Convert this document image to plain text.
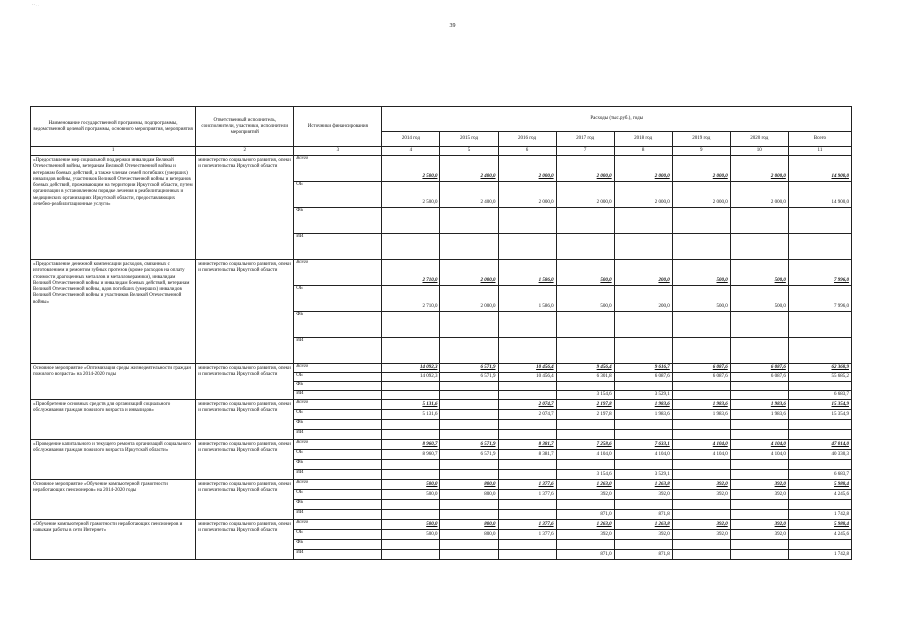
' ' · ·
39
Наименование государственной программы, подпрограммы, ведомственной целевой программы, основного мероприятия, мероприятия	Ответственный исполнитель, соисполнители, участники, исполнители мероприятий	Источники финансирования	Расходы (тыс.руб.), годы							
			2014 год	2015 год	2016 год	2017 год	2018 год	2019 год	2020 год	Всего
1	2	3	4	5	6	7	8	9	10	11
«Предоставление мер социальной поддержки инвалидам Великой Отечественной войны, ветеранам Великой Отечественной войны и ветеранам боевых действий, а также членам семей погибших (умерших) инвалидов войны, участников Великой Отечественной войны и ветеранов боевых действий, проживающим на территории Иркутской области, путем организации в установленном порядке лечения в реабилитационных и медицинских организациях Иркутской области, предоставляющих лечебно-реабилитационные услуги»	министерство социального развития, опеки и попечительства Иркутской области	Всего	2 500,0	2 400,0	2 000,0	2 000,0	2 000,0	2 000,0	2 000,0	14 900,0
		ОБ	2 500,0	2 400,0	2 000,0	2 000,0	2 000,0	2 000,0	2 000,0	14 900,0
		ФБ								
		ИИ								
«Предоставление денежной компенсации расходов, связанных с изготовлением и ремонтом зубных протезов (кроме расходов на оплату стоимости драгоценных металлов и металлокерамики), инвалидам Великой Отечественной войны и инвалидам боевых действий, ветеранам Великой Отечественной войны, вдов погибших (умерших) инвалидов Великой Отечественной войны и участников Великой Отечественной войны»	министерство социального развития, опеки и попечительства Иркутской области	Всего	2 710,0	2 000,0	1 586,0	500,0	200,0	500,0	500,0	7 996,0
		ОБ	2 710,0	2 000,0	1 586,0	500,0	200,0	500,0	500,0	7 996,0
		ФБ								
		ИИ								
Основное мероприятие «Оптимизация среды жизнедеятельности граждан пожилого возраста» на 2014-2020 годы	министерство социального развития, опеки и попечительства Иркутской области	Всего	14 092,3	6 571,9	10 456,4	9 456,4	9 616,7	6 087,6	6 087,6	62 368,9
		ОБ	14 092,3	6 571,9	10 456,4	6 301,8	6 087,6	6 087,6	6 087,6	55 685,2
		ФБ								
		ИИ				3 154,6	3 529,1			6 683,7
«Приобретение основных средств для организаций социального обслуживания граждан пожилого возраста и инвалидов»	министерство социального развития, опеки и попечительства Иркутской области	Всего	5 131,6		2 074,7	2 197,8	1 983,6	1 983,6	1 983,6	15 354,9
		ОБ	5 131,6		2 074,7	2 197,8	1 983,6	1 983,6	1 983,6	15 354,9
		ФБ								
		ИИ								
«Проведение капитального и текущего ремонта организаций социального обслуживания граждан пожилого возраста Иркутской области»	министерство социального развития, опеки и попечительства Иркутской области	Всего	8 960,7	6 571,9	8 381,7	7 258,6	7 633,1	4 104,0	4 104,0	47 014,0
		ОБ	8 960,7	6 571,9	8 381,7	4 104,0	4 104,0	4 104,0	4 104,0	40 330,3
		ФБ								
		ИИ				3 154,6	3 529,1			6 683,7
Основное мероприятие «Обучение компьютерной грамотности неработающих пенсионеров» на 2014-2020 годы	министерство социального развития, опеки и попечительства Иркутской области	Всего	500,0	800,0	1 377,6	1 263,0	1 263,8	392,0	392,0	5 988,4
		ОБ	500,0	800,0	1 377,6	392,0	392,0	392,0	392,0	4 245,6
		ФБ								
		ИИ				871,0	871,8			1 742,8
«Обучение компьютерной грамотности неработающих пенсионеров и навыкам работы в сети Интернет»	министерство социального развития, опеки и попечительства Иркутской области	Всего	500,0	800,0	1 377,6	1 263,0	1 263,8	392,0	392,0	5 988,4
		ОБ	500,0	800,0	1 377,6	392,0	392,0	392,0	392,0	4 245,6
		ФБ								
		ИИ				871,0	871,8			1 742,8
